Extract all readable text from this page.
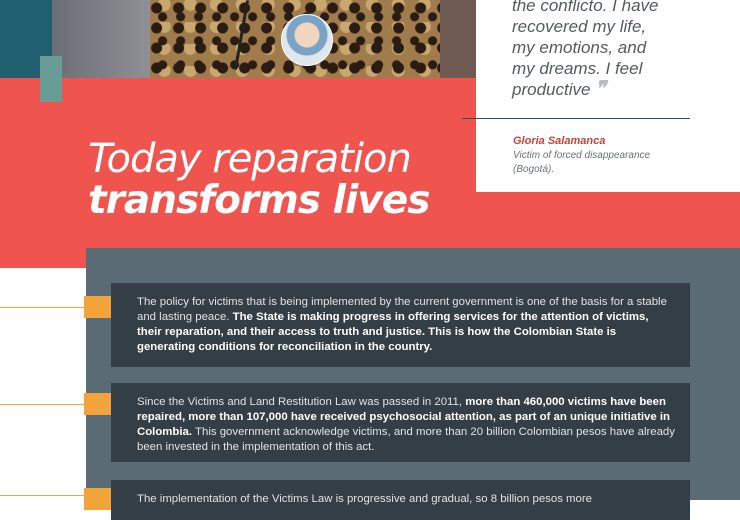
Today reparation
transforms lives
the conflicto. I have
recovered my life,
my emotions, and
my dreams. I feel
productive ❞
Gloria Salamanca
Victim of forced disappearance (Bogotá).
The policy for victims that is being implemented by the current government is one of the basis for a stable and lasting peace. The State is making progress in offering services for the attention of victims, their reparation, and their access to truth and justice. This is how the Colombian State is generating conditions for reconciliation in the country.
Since the Victims and Land Restitution Law was passed in 2011, more than 460,000 victims have been repaired, more than 107,000 have received psychosocial attention, as part of an unique initiative in Colombia. This government acknowledge victims, and more than 20 billion Colombian pesos have already been invested in the implementation of this act.
The implementation of the Victims Law is progressive and gradual, so 8 billion pesos more
